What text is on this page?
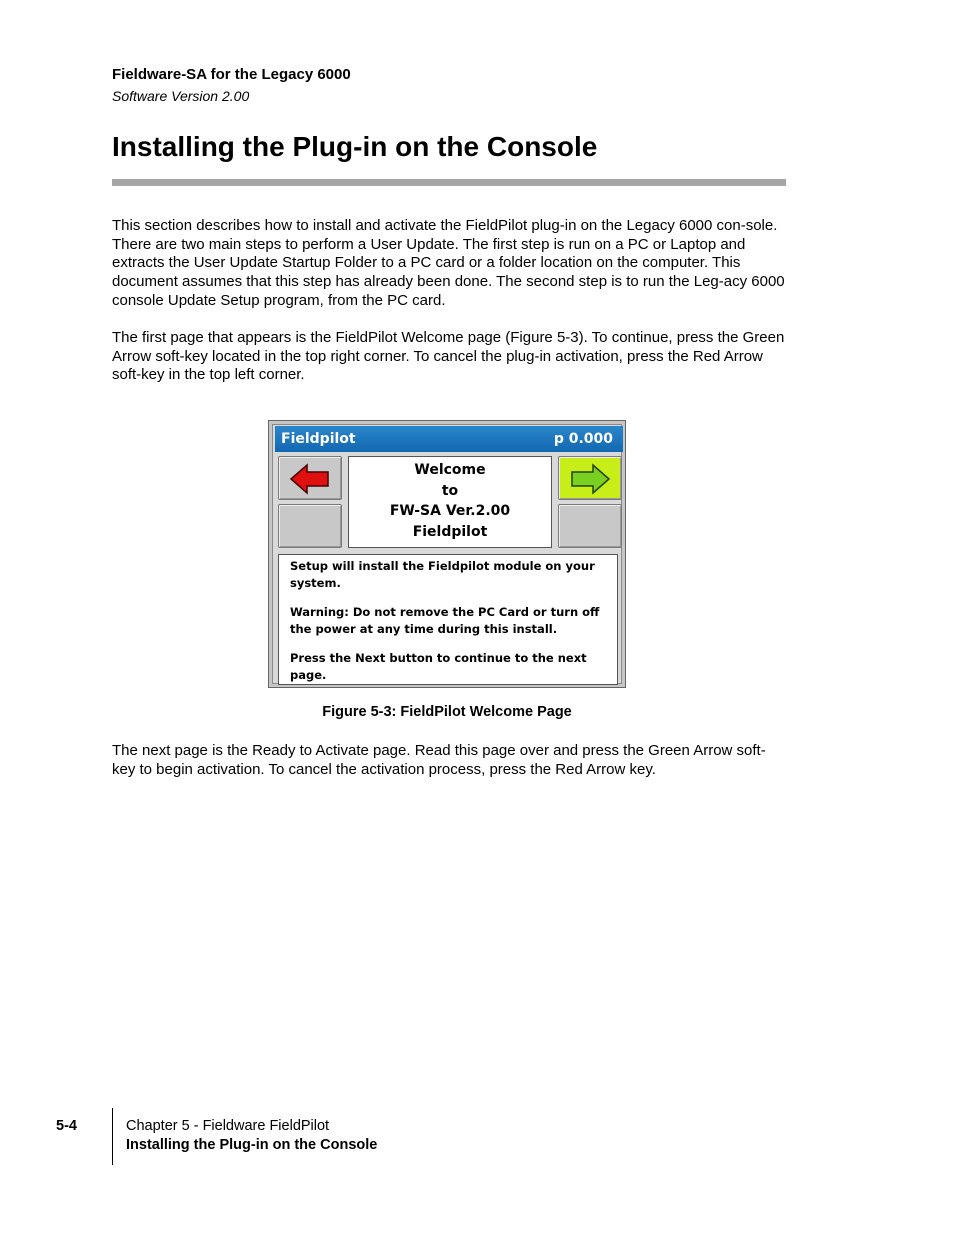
Fieldware-SA for the Legacy 6000
Software Version 2.00
Installing the Plug-in on the Console

This section describes how to install and activate the FieldPilot plug-in on the Legacy 6000 con-sole. There are two main steps to perform a User Update. The first step is run on a PC or Laptop and extracts the User Update Startup Folder to a PC card or a folder location on the computer. This document assumes that this step has already been done. The second step is to run the Leg-acy 6000 console Update Setup program, from the PC card.

The first page that appears is the FieldPilot Welcome page (Figure 5-3). To continue, press the Green Arrow soft-key located in the top right corner. To cancel the plug-in activation, press the Red Arrow soft-key in the top left corner.

Fieldpilot	p 0.000
Welcome
to
FW-SA Ver.2.00
Fieldpilot

Setup will install the Fieldpilot module on your system.

Warning: Do not remove the PC Card or turn off the power at any time during this install.

Press the Next button to continue to the next page.

Figure 5-3: FieldPilot Welcome Page

The next page is the Ready to Activate page. Read this page over and press the Green Arrow soft-key to begin activation. To cancel the activation process, press the Red Arrow key.

5-4	Chapter 5 - Fieldware FieldPilot
Installing the Plug-in on the Console
